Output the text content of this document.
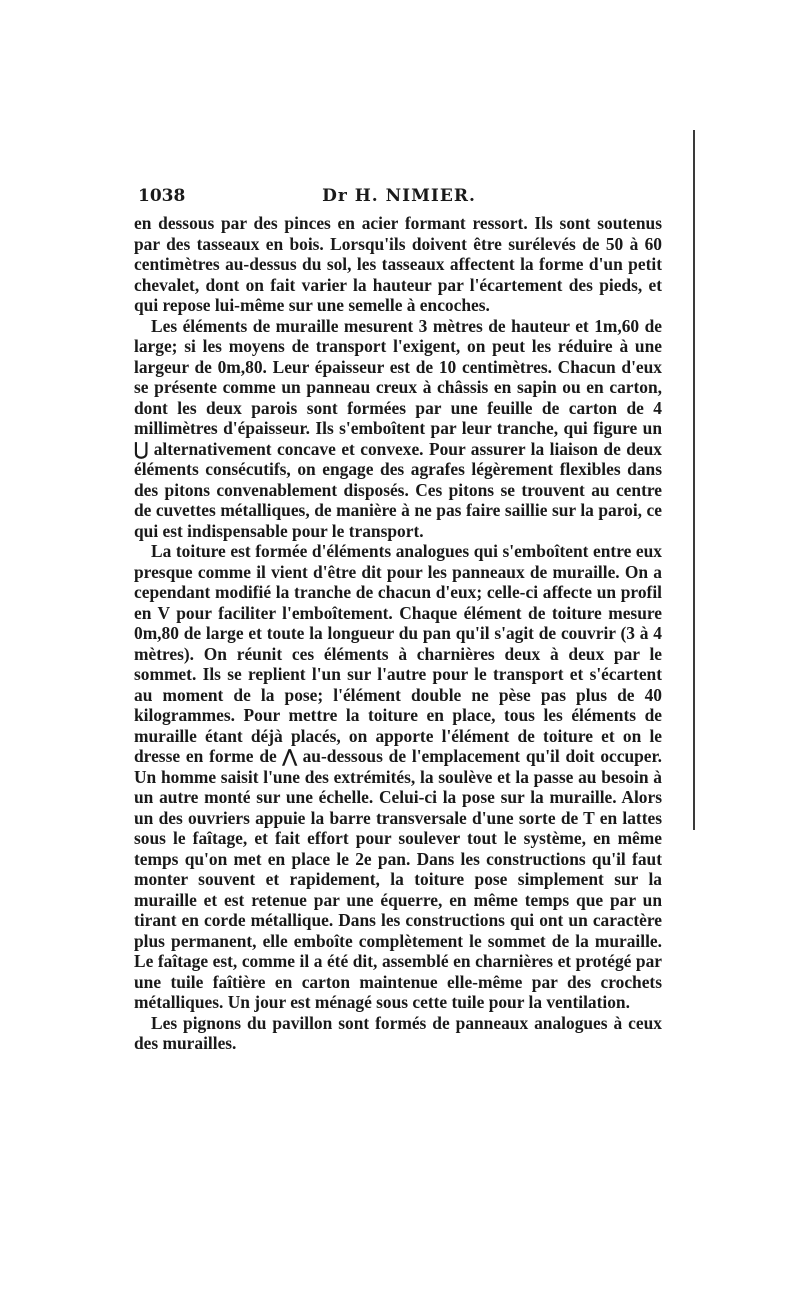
1038	Dr H. NIMIER.

en dessous par des pinces en acier formant ressort. Ils sont soutenus par des tasseaux en bois. Lorsqu'ils doivent être surélevés de 50 à 60 centimètres au-dessus du sol, les tasseaux affectent la forme d'un petit chevalet, dont on fait varier la hauteur par l'écartement des pieds, et qui repose lui-même sur une semelle à encoches.

Les éléments de muraille mesurent 3 mètres de hauteur et 1m,60 de large; si les moyens de transport l'exigent, on peut les réduire à une largeur de 0m,80. Leur épaisseur est de 10 centimètres. Chacun d'eux se présente comme un panneau creux à châssis en sapin ou en carton, dont les deux parois sont formées par une feuille de carton de 4 millimètres d'épaisseur. Ils s'emboîtent par leur tranche, qui figure un ⋃ alternativement concave et convexe. Pour assurer la liaison de deux éléments consécutifs, on engage des agrafes légèrement flexibles dans des pitons convenablement disposés. Ces pitons se trouvent au centre de cuvettes métalliques, de manière à ne pas faire saillie sur la paroi, ce qui est indispensable pour le transport.

La toiture est formée d'éléments analogues qui s'emboîtent entre eux presque comme il vient d'être dit pour les panneaux de muraille. On a cependant modifié la tranche de chacun d'eux; celle-ci affecte un profil en V pour faciliter l'emboîtement. Chaque élément de toiture mesure 0m,80 de large et toute la longueur du pan qu'il s'agit de couvrir (3 à 4 mètres). On réunit ces éléments à charnières deux à deux par le sommet. Ils se replient l'un sur l'autre pour le transport et s'écartent au moment de la pose; l'élément double ne pèse pas plus de 40 kilogrammes. Pour mettre la toiture en place, tous les éléments de muraille étant déjà placés, on apporte l'élément de toiture et on le dresse en forme de ⋀ au-dessous de l'emplacement qu'il doit occuper. Un homme saisit l'une des extrémités, la soulève et la passe au besoin à un autre monté sur une échelle. Celui-ci la pose sur la muraille. Alors un des ouvriers appuie la barre transversale d'une sorte de T en lattes sous le faîtage, et fait effort pour soulever tout le système, en même temps qu'on met en place le 2e pan. Dans les constructions qu'il faut monter souvent et rapidement, la toiture pose simplement sur la muraille et est retenue par une équerre, en même temps que par un tirant en corde métallique. Dans les constructions qui ont un caractère plus permanent, elle emboîte complètement le sommet de la muraille. Le faîtage est, comme il a été dit, assemblé en charnières et protégé par une tuile faîtière en carton maintenue elle-même par des crochets métalliques. Un jour est ménagé sous cette tuile pour la ventilation.

Les pignons du pavillon sont formés de panneaux analogues à ceux des murailles.
